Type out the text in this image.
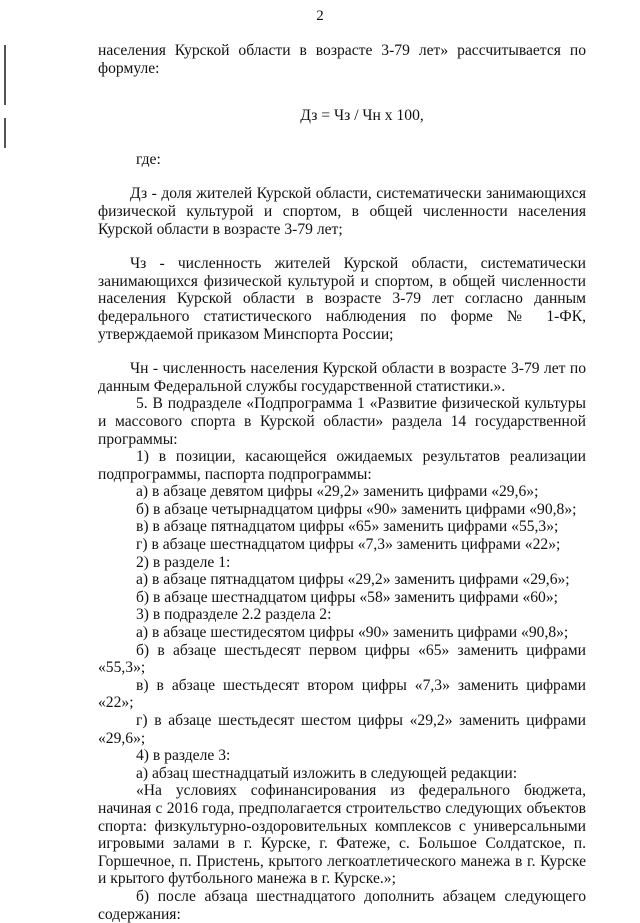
2

населения Курской области в возрасте 3-79 лет» рассчитывается по

формуле:

Дз = Чз / Чн х 100,

где:

Дз - доля жителей Курской области, систематически занимающихся физической культурой и спортом, в общей численности населения Курской области в возрасте 3-79 лет;

Чз - численность жителей Курской области, систематически занимающихся физической культурой и спортом, в общей численности населения Курской области в возрасте 3-79 лет согласно данным федерального статистического наблюдения по форме № 1-ФК, утверждаемой приказом Минспорта России;

Чн - численность населения Курской области в возрасте 3-79 лет по данным Федеральной службы государственной статистики.».

5. В подразделе «Подпрограмма 1 «Развитие физической культуры и массового спорта в Курской области» раздела 14 государственной программы:

1) в позиции, касающейся ожидаемых результатов реализации подпрограммы, паспорта подпрограммы:

а) в абзаце девятом цифры «29,2» заменить цифрами «29,6»;

б) в абзаце четырнадцатом цифры «90» заменить цифрами «90,8»;

в) в абзаце пятнадцатом цифры «65» заменить цифрами «55,3»;

г) в абзаце шестнадцатом цифры «7,3» заменить цифрами «22»;

2) в разделе 1:

а) в абзаце пятнадцатом цифры «29,2» заменить цифрами «29,6»;

б) в абзаце шестнадцатом цифры «58» заменить цифрами «60»;

3) в подразделе 2.2 раздела 2:

а) в абзаце шестидесятом цифры «90» заменить цифрами «90,8»;

б) в абзаце шестьдесят первом цифры «65» заменить цифрами «55,3»;

в) в абзаце шестьдесят втором цифры «7,3» заменить цифрами «22»;

г) в абзаце шестьдесят шестом цифры «29,2» заменить цифрами «29,6»;

4) в разделе 3:

а) абзац шестнадцатый изложить в следующей редакции:

«На условиях софинансирования из федерального бюджета, начиная с 2016 года, предполагается строительство следующих объектов спорта: физкультурно-оздоровительных комплексов с универсальными игровыми залами в г. Курске, г. Фатеже, с. Большое Солдатское, п. Горшечное, п. Пристень, крытого легкоатлетического манежа в г. Курске и крытого футбольного манежа в г. Курске.»;

б) после абзаца шестнадцатого дополнить абзацем следующего содержания:
